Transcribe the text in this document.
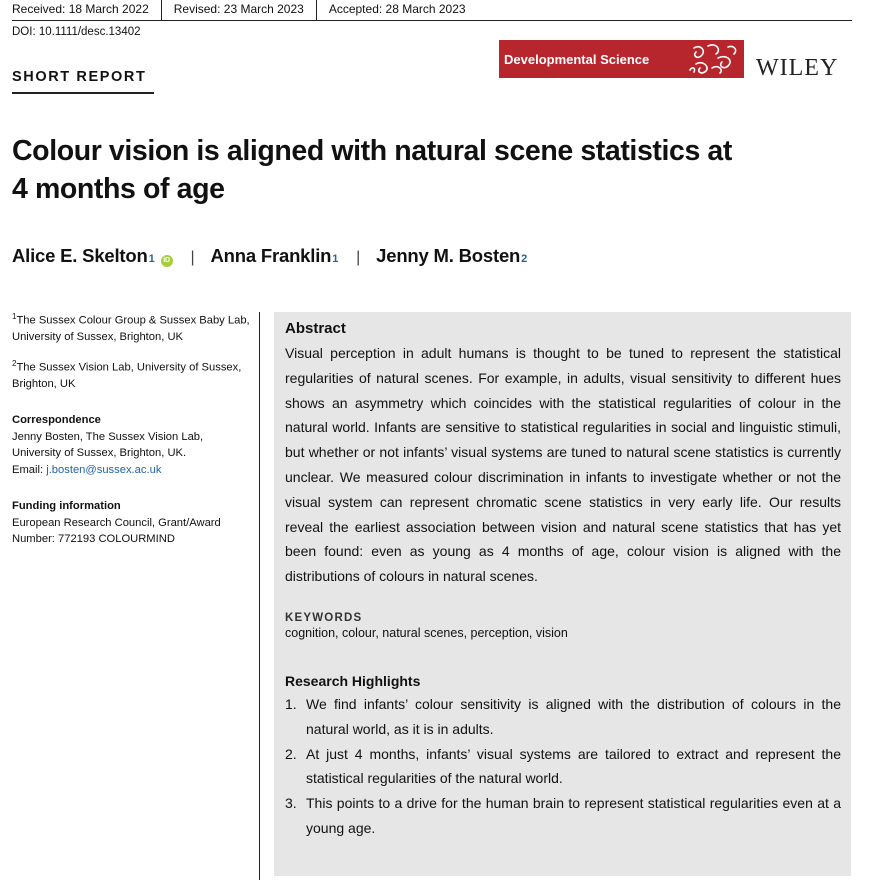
Received: 18 March 2022	Revised: 23 March 2023	Accepted: 28 March 2023
DOI: 10.1111/desc.13402
SHORT REPORT
Developmental Science	WILEY
Colour vision is aligned with natural scene statistics at 4 months of age
Alice E. Skelton 1	iD | Anna Franklin 1 | Jenny M. Bosten 2

$^1$The Sussex Colour Group & Sussex Baby Lab, University of Sussex, Brighton, UK

$^2$The Sussex Vision Lab, University of Sussex, Brighton, UK

Correspondence
Jenny Bosten, The Sussex Vision Lab,
University of Sussex, Brighton, UK.
Email: j.bosten@sussex.ac.uk

Funding information
European Research Council, Grant/Award
Number: 772193 COLOURMIND

Abstract

Visual perception in adult humans is thought to be tuned to represent the statistical regularities of natural scenes. For example, in adults, visual sensitivity to different hues shows an asymmetry which coincides with the statistical regularities of colour in the natural world. Infants are sensitive to statistical regularities in social and linguistic stimuli, but whether or not infants’ visual systems are tuned to natural scene statistics is currently unclear. We measured colour discrimination in infants to investigate whether or not the visual system can represent chromatic scene statistics in very early life. Our results reveal the earliest association between vision and natural scene statistics that has yet been found: even as young as 4 months of age, colour vision is aligned with the distributions of colours in natural scenes.

KEYWORDS
cognition, colour, natural scenes, perception, vision
Research Highlights
1. We find infants’ colour sensitivity is aligned with the distribution of colours in the natural world, as it is in adults.
2. At just 4 months, infants’ visual systems are tailored to extract and represent the statistical regularities of the natural world.
3. This points to a drive for the human brain to represent statistical regularities even at a young age.
